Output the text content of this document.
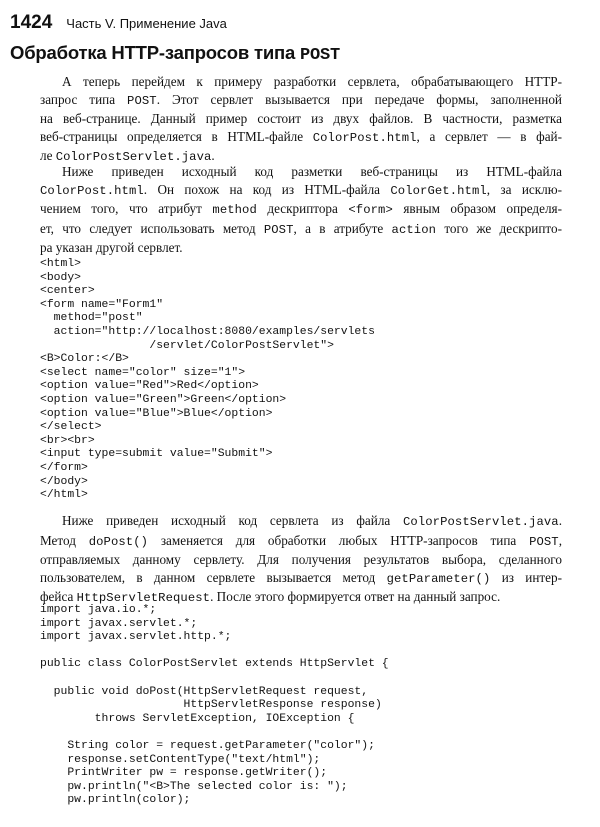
1424 Часть V. Применение Java
Обработка HTTP-запросов типа POST

А теперь перейдем к примеру разработки сервлета, обрабатывающего HTTP-
запрос типа POST. Этот сервлет вызывается при передаче формы, заполненной
на веб-странице. Данный пример состоит из двух файлов. В частности, разметка
веб-страницы определяется в HTML-файле ColorPost.html, а сервлет — в фай-
ле ColorPostServlet.java.

Ниже приведен исходный код разметки веб-страницы из HTML-файла
ColorPost.html. Он похож на код из HTML-файла ColorGet.html, за исклю-
чением того, что атрибут method дескриптора <form> явным образом определя-
ет, что следует использовать метод POST, а в атрибуте action того же дескрипто-
ра указан другой сервлет.

<html>
<body>
<center>
<form name="Form1"
method="post"
action="http://localhost:8080/examples/servlets
/servlet/ColorPostServlet">
<B>Color:</B>
<select name="color" size="1">
<option value="Red">Red</option>
<option value="Green">Green</option>
<option value="Blue">Blue</option>
</select>
<br><br>
<input type=submit value="Submit">
</form>
</body>
</html>

Ниже приведен исходный код сервлета из файла ColorPostServlet.java.
Метод doPost() заменяется для обработки любых HTTP-запросов типа POST,
отправляемых данному сервлету. Для получения результатов выбора, сделанного
пользователем, в данном сервлете вызывается метод getParameter() из интер-
фейса HttpServletRequest. После этого формируется ответ на данный запрос.

import java.io.*;
import javax.servlet.*;
import javax.servlet.http.*;

public class ColorPostServlet extends HttpServlet {

public void doPost(HttpServletRequest request,
HttpServletResponse response)
throws ServletException, IOException {

String color = request.getParameter("color");
response.setContentType("text/html");
PrintWriter pw = response.getWriter();
pw.println("<B>The selected color is: ");
pw.println(color);
